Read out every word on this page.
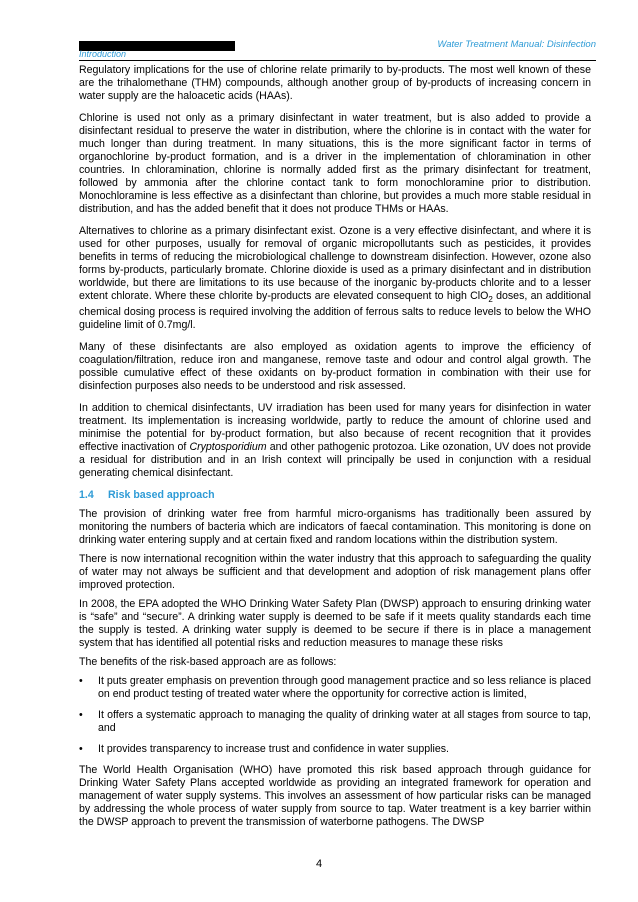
Introduction
Water Treatment Manual: Disinfection

Regulatory implications for the use of chlorine relate primarily to by-products. The most well known of these are the trihalomethane (THM) compounds, although another group of by-products of increasing concern in water supply are the haloacetic acids (HAAs).

Chlorine is used not only as a primary disinfectant in water treatment, but is also added to provide a disinfectant residual to preserve the water in distribution, where the chlorine is in contact with the water for much longer than during treatment. In many situations, this is the more significant factor in terms of organochlorine by-product formation, and is a driver in the implementation of chloramination in other countries. In chloramination, chlorine is normally added first as the primary disinfectant for treatment, followed by ammonia after the chlorine contact tank to form monochloramine prior to distribution. Monochloramine is less effective as a disinfectant than chlorine, but provides a much more stable residual in distribution, and has the added benefit that it does not produce THMs or HAAs.

Alternatives to chlorine as a primary disinfectant exist. Ozone is a very effective disinfectant, and where it is used for other purposes, usually for removal of organic micropollutants such as pesticides, it provides benefits in terms of reducing the microbiological challenge to downstream disinfection. However, ozone also forms by-products, particularly bromate. Chlorine dioxide is used as a primary disinfectant and in distribution worldwide, but there are limitations to its use because of the inorganic by-products chlorite and to a lesser extent chlorate. Where these chlorite by-products are elevated consequent to high ClO$_2$ doses, an additional chemical dosing process is required involving the addition of ferrous salts to reduce levels to below the WHO guideline limit of 0.7mg/l.

Many of these disinfectants are also employed as oxidation agents to improve the efficiency of coagulation/filtration, reduce iron and manganese, remove taste and odour and control algal growth. The possible cumulative effect of these oxidants on by-product formation in combination with their use for disinfection purposes also needs to be understood and risk assessed.

In addition to chemical disinfectants, UV irradiation has been used for many years for disinfection in water treatment. Its implementation is increasing worldwide, partly to reduce the amount of chlorine used and minimise the potential for by-product formation, but also because of recent recognition that it provides effective inactivation of Cryptosporidium and other pathogenic protozoa. Like ozonation, UV does not provide a residual for distribution and in an Irish context will principally be used in conjunction with a residual generating chemical disinfectant.

1.4 Risk based approach

The provision of drinking water free from harmful micro-organisms has traditionally been assured by monitoring the numbers of bacteria which are indicators of faecal contamination. This monitoring is done on drinking water entering supply and at certain fixed and random locations within the distribution system.

There is now international recognition within the water industry that this approach to safeguarding the quality of water may not always be sufficient and that development and adoption of risk management plans offer improved protection.

In 2008, the EPA adopted the WHO Drinking Water Safety Plan (DWSP) approach to ensuring drinking water is “safe” and “secure”. A drinking water supply is deemed to be safe if it meets quality standards each time the supply is tested. A drinking water supply is deemed to be secure if there is in place a management system that has identified all potential risks and reduction measures to manage these risks

The benefits of the risk-based approach are as follows:

• It puts greater emphasis on prevention through good management practice and so less reliance is placed on end product testing of treated water where the opportunity for corrective action is limited,
• It offers a systematic approach to managing the quality of drinking water at all stages from source to tap, and
• It provides transparency to increase trust and confidence in water supplies.

The World Health Organisation (WHO) have promoted this risk based approach through guidance for Drinking Water Safety Plans accepted worldwide as providing an integrated framework for operation and management of water supply systems. This involves an assessment of how particular risks can be managed by addressing the whole process of water supply from source to tap. Water treatment is a key barrier within the DWSP approach to prevent the transmission of waterborne pathogens. The DWSP

4
